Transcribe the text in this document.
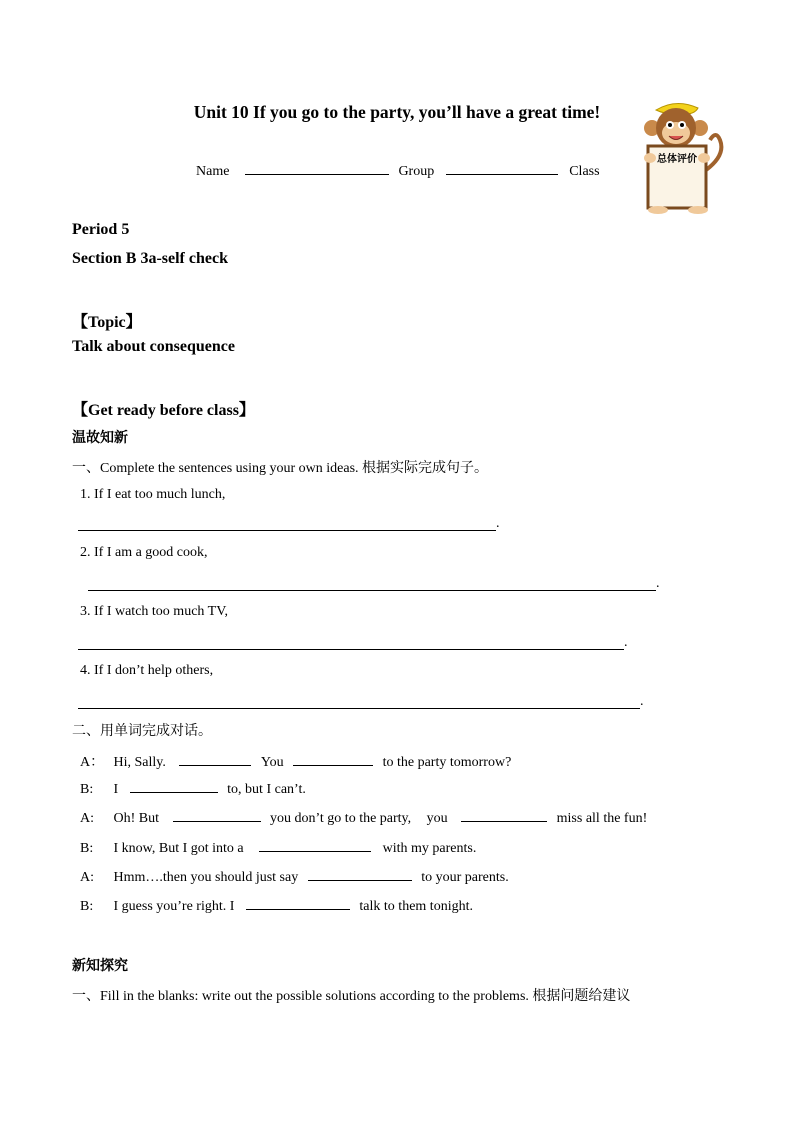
Unit 10 If you go to the party, you’ll have a great time!
总体评价
Name	Group	Class
Period 5
Section B 3a-self check
【Topic】
Talk about consequence
【Get ready before class】
温故知新
一、Complete the sentences using your own ideas. 根据实际完成句子。
1. If I eat too much lunch,
.
2. If I am a good cook,
.
3. If I watch too much TV,
.
4. If I don’t help others,
.
二、用单词完成对话。
A： Hi, Sally.	You	to the party tomorrow?
B: I	to, but I can’t.
A: Oh! But	you don’t go to the party, you	miss all the fun!
B: I know, But I got into a	with my parents.
A: Hmm….then you should just say	to your parents.
B: I guess you’re right. I	talk to them tonight.
新知探究
一、Fill in the blanks: write out the possible solutions according to the problems. 根据问题给建议
